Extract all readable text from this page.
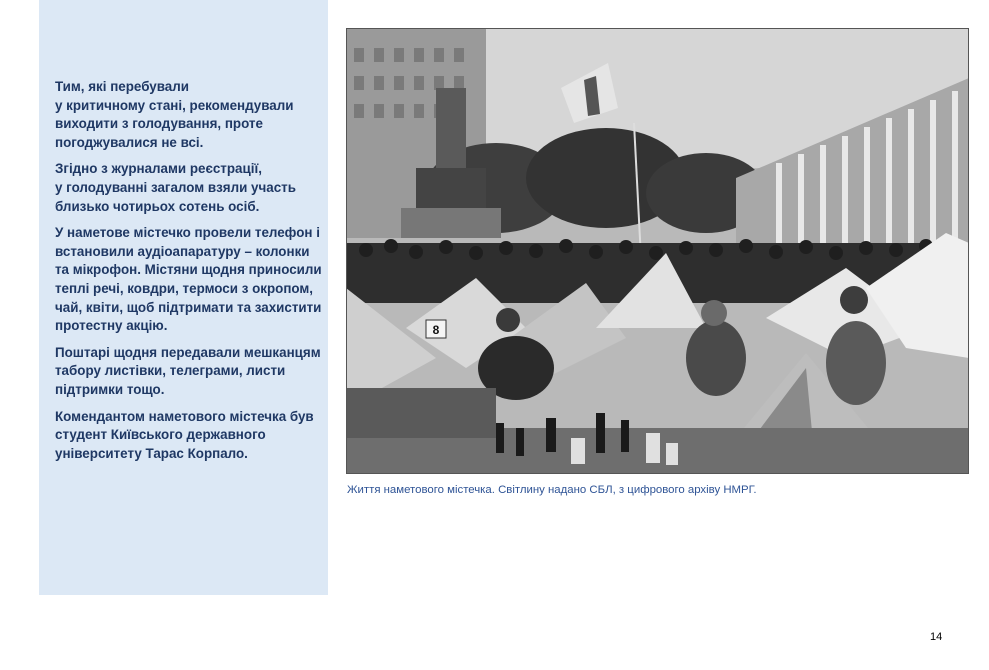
Тим, які перебували
у критичному стані, рекомендували виходити з голодування, проте погоджувалися не всі.

Згідно з журналами реєстрації,
у голодуванні загалом взяли участь близько чотирьох сотень осіб.

У наметове містечко провели телефон і встановили аудіоапаратуру – колонки
та мікрофон. Містяни щодня приносили теплі речі, ковдри, термоси з окропом, чай, квіти, щоб підтримати та захистити протестну акцію.

Поштарі щодня передавали мешканцям табору листівки, телеграми, листи підтримки тощо.

Комендантом наметового містечка був студент Київського державного університету Тарас Корпало.

8
Життя наметового містечка. Світлину надано СБЛ, з цифрового архіву НМРГ.
14
